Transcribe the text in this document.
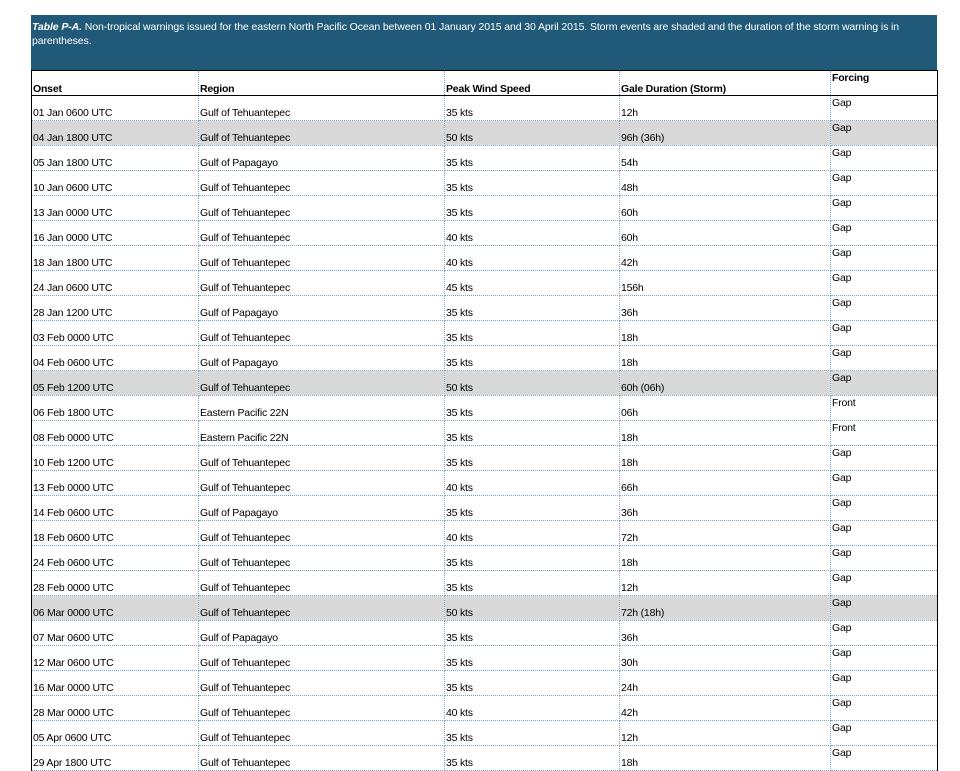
Table P-A. Non-tropical warnings issued for the eastern North Pacific Ocean between 01 January 2015 and 30 April 2015. Storm events are shaded and the duration of the storm warning is in parentheses.
Onset	Region	Peak Wind Speed	Gale Duration (Storm)	Forcing
01 Jan 0600 UTC	Gulf of Tehuantepec	35 kts	12h	Gap
04 Jan 1800 UTC	Gulf of Tehuantepec	50 kts	96h (36h)	Gap
05 Jan 1800 UTC	Gulf of Papagayo	35 kts	54h	Gap
10 Jan 0600 UTC	Gulf of Tehuantepec	35 kts	48h	Gap
13 Jan 0000 UTC	Gulf of Tehuantepec	35 kts	60h	Gap
16 Jan 0000 UTC	Gulf of Tehuantepec	40 kts	60h	Gap
18 Jan 1800 UTC	Gulf of Tehuantepec	40 kts	42h	Gap
24 Jan 0600 UTC	Gulf of Tehuantepec	45 kts	156h	Gap
28 Jan 1200 UTC	Gulf of Papagayo	35 kts	36h	Gap
03 Feb 0000 UTC	Gulf of Tehuantepec	35 kts	18h	Gap
04 Feb 0600 UTC	Gulf of Papagayo	35 kts	18h	Gap
05 Feb 1200 UTC	Gulf of Tehuantepec	50 kts	60h (06h)	Gap
06 Feb 1800 UTC	Eastern Pacific 22N	35 kts	06h	Front
08 Feb 0000 UTC	Eastern Pacific 22N	35 kts	18h	Front
10 Feb 1200 UTC	Gulf of Tehuantepec	35 kts	18h	Gap
13 Feb 0000 UTC	Gulf of Tehuantepec	40 kts	66h	Gap
14 Feb 0600 UTC	Gulf of Papagayo	35 kts	36h	Gap
18 Feb 0600 UTC	Gulf of Tehuantepec	40 kts	72h	Gap
24 Feb 0600 UTC	Gulf of Tehuantepec	35 kts	18h	Gap
28 Feb 0000 UTC	Gulf of Tehuantepec	35 kts	12h	Gap
06 Mar 0000 UTC	Gulf of Tehuantepec	50 kts	72h (18h)	Gap
07 Mar 0600 UTC	Gulf of Papagayo	35 kts	36h	Gap
12 Mar 0600 UTC	Gulf of Tehuantepec	35 kts	30h	Gap
16 Mar 0000 UTC	Gulf of Tehuantepec	35 kts	24h	Gap
28 Mar 0000 UTC	Gulf of Tehuantepec	40 kts	42h	Gap
05 Apr 0600 UTC	Gulf of Tehuantepec	35 kts	12h	Gap
29 Apr 1800 UTC	Gulf of Tehuantepec	35 kts	18h	Gap
